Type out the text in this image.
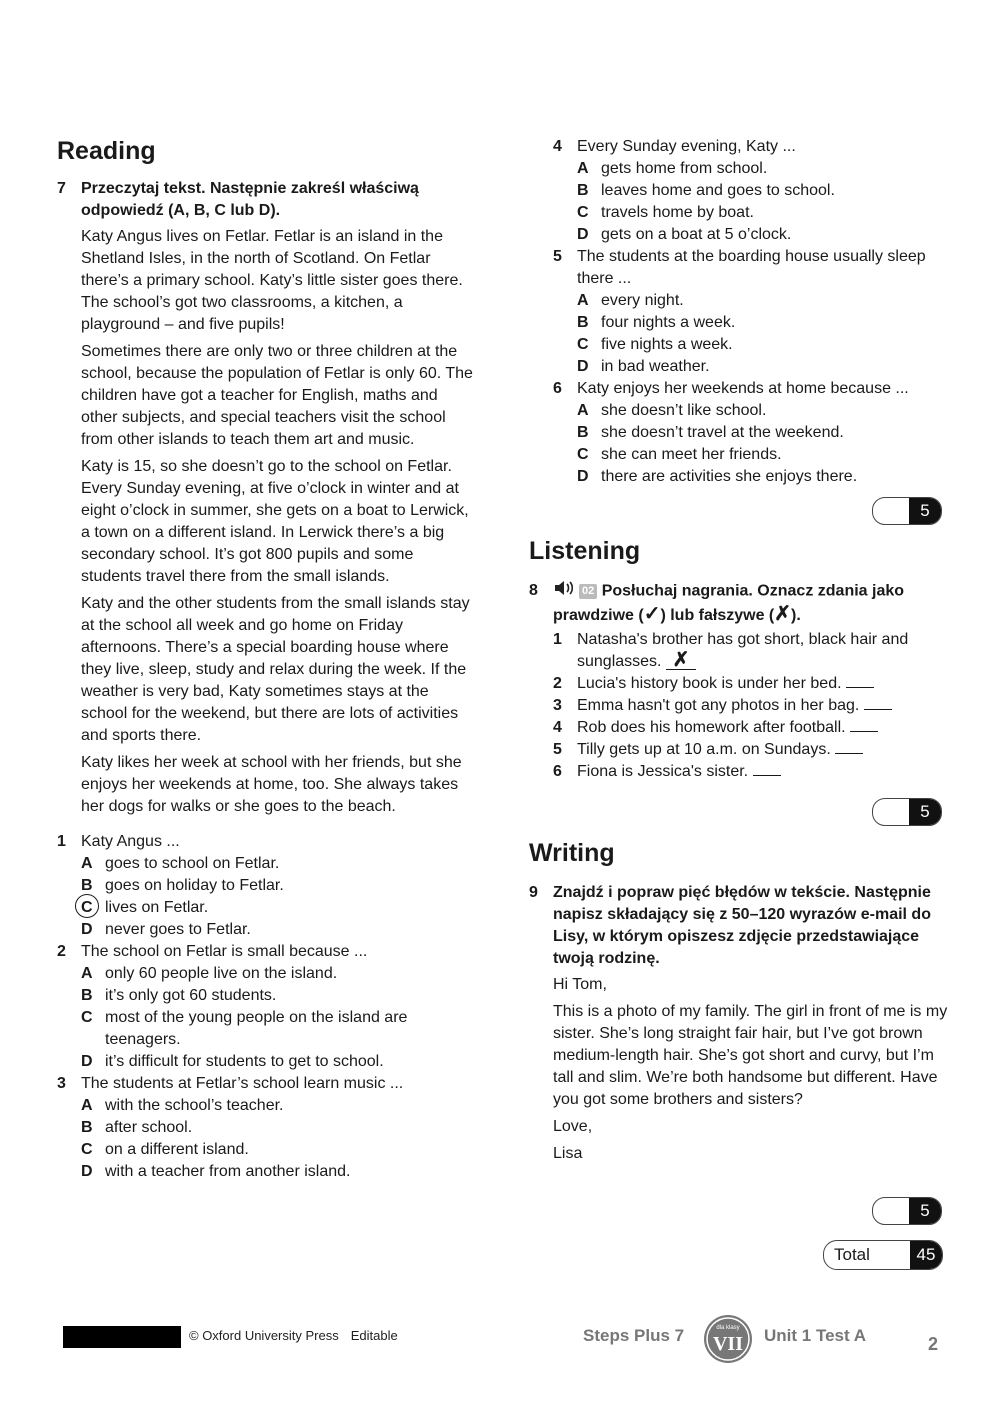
Reading
7 Przeczytaj tekst. Następnie zakreśl właściwą odpowiedź (A, B, C lub D).

Katy Angus lives on Fetlar. Fetlar is an island in the Shetland Isles, in the north of Scotland. On Fetlar there’s a primary school. Katy’s little sister goes there. The school’s got two classrooms, a kitchen, a playground – and five pupils!

Sometimes there are only two or three children at the school, because the population of Fetlar is only 60. The children have got a teacher for English, maths and other subjects, and special teachers visit the school from other islands to teach them art and music.

Katy is 15, so she doesn’t go to the school on Fetlar. Every Sunday evening, at five o’clock in winter and at eight o’clock in summer, she gets on a boat to Lerwick, a town on a different island. In Lerwick there’s a big secondary school. It’s got 800 pupils and some students travel there from the small islands.

Katy and the other students from the small islands stay at the school all week and go home on Friday afternoons. There’s a special boarding house where they live, sleep, study and relax during the week. If the weather is very bad, Katy sometimes stays at the school for the weekend, but there are lots of activities and sports there.

Katy likes her week at school with her friends, but she enjoys her weekends at home, too. She always takes her dogs for walks or she goes to the beach.

1 Katy Angus ...
A goes to school on Fetlar.
B goes on holiday to Fetlar.
C lives on Fetlar.
D never goes to Fetlar.
2 The school on Fetlar is small because ...
A only 60 people live on the island.
B it’s only got 60 students.
C most of the young people on the island are teenagers.
D it’s difficult for students to get to school.
3 The students at Fetlar’s school learn music ...
A with the school’s teacher.
B after school.
C on a different island.
D with a teacher from another island.
4 Every Sunday evening, Katy ...
A gets home from school.
B leaves home and goes to school.
C travels home by boat.
D gets on a boat at 5 o’clock.
5 The students at the boarding house usually sleep there ...
A every night.
B four nights a week.
C five nights a week.
D in bad weather.
6 Katy enjoys her weekends at home because ...
A she doesn’t like school.
B she doesn’t travel at the weekend.
C she can meet her friends.
D there are activities she enjoys there.
5
Listening
8	02 Posłuchaj nagrania. Oznacz zdania jako prawdziwe (✓) lub fałszywe (✗).
1 Natasha's brother has got short, black hair and sunglasses. ✗
2 Lucia's history book is under her bed.
3 Emma hasn't got any photos in her bag.
4 Rob does his homework after football.
5 Tilly gets up at 10 a.m. on Sundays.
6 Fiona is Jessica's sister.
5
Writing
9 Znajdź i popraw pięć błędów w tekście. Następnie napisz składający się z 50–120 wyrazów e-mail do Lisy, w którym opiszesz zdjęcie przedstawiające twoją rodzinę.

Hi Tom,

This is a photo of my family. The girl in front of me is my sister. She’s long straight fair hair, but I’ve got brown medium-length hair. She’s got short and curvy, but I’m tall and slim. We’re both handsome but different. Have you got some brothers and sisters?

Love,

Lisa

5
Total	45
© Oxford University Press Editable	Steps Plus 7	dla klasy
VII Unit 1 Test A	2
